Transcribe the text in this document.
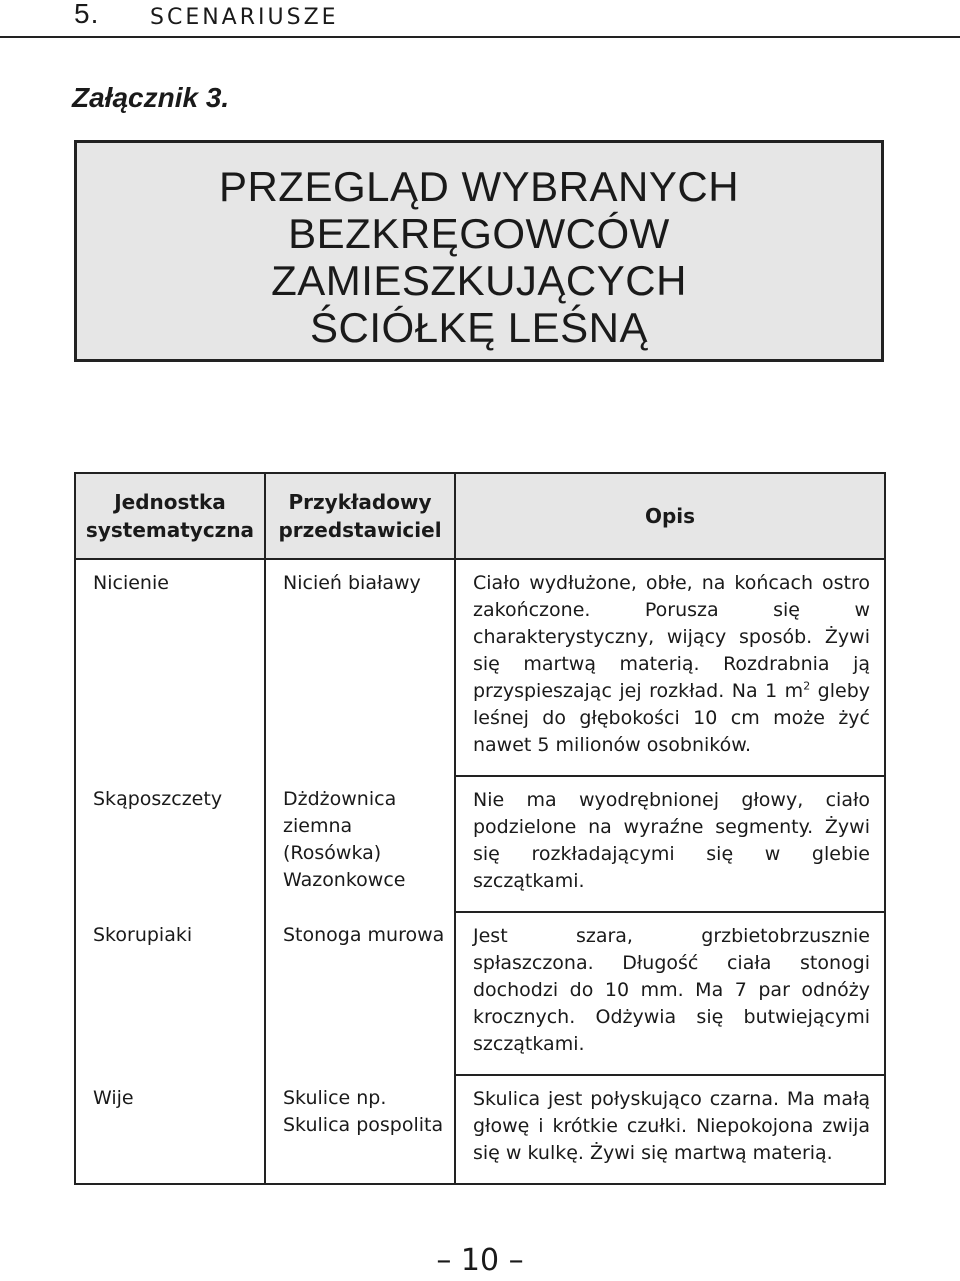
5. SCENARIUSZE
Załącznik 3.
PRZEGLĄD WYBRANYCH
BEZKRĘGOWCÓW
ZAMIESZKUJĄCYCH
ŚCIÓŁKĘ LEŚNĄ
Jednostka systematyczna	Przykładowy przedstawiciel	Opis
Nicienie	Nicień białawy	Ciało wydłużone, obłe, na końcach ostro zakończone. Porusza się w charakterystyczny, wijący sposób. Żywi się martwą materią. Rozdrabnia ją przyspieszając jej rozkład. Na 1 $m^2$ gleby leśnej do głębokości 10 cm może żyć nawet 5 milionów osobników.
Skąposzczety	Dżdżownica ziemna (Rosówka) Wazonkowce	Nie ma wyodrębnionej głowy, ciało podzielone na wyraźne segmenty. Żywi się rozkładającymi się w glebie szczątkami.
Skorupiaki	Stonoga murowa	Jest szara, grzbietobrzusznie spłaszczona. Długość ciała stonogi dochodzi do 10 mm. Ma 7 par odnóży krocznych. Odżywia się butwiejącymi szczątkami.
Wije	Skulice np. Skulica pospolita	Skulica jest połyskująco czarna. Ma małą głowę i krótkie czułki. Niepokojona zwija się w kulkę. Żywi się martwą materią.
– 10 –
